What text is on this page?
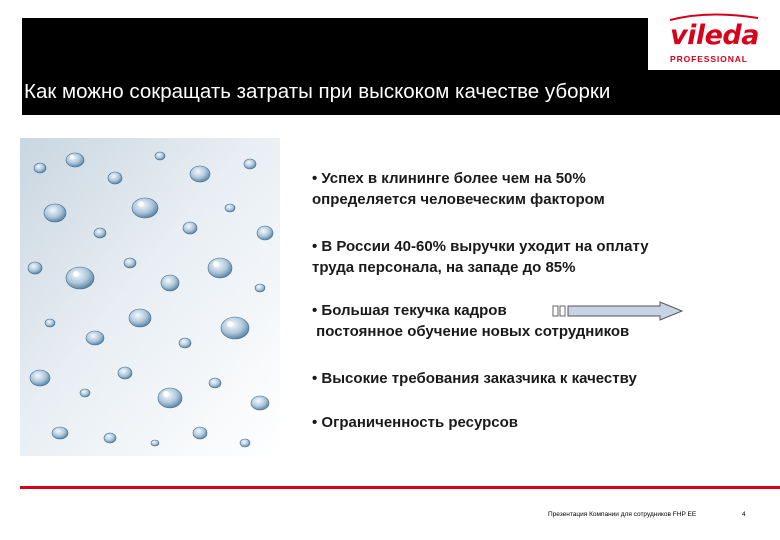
Как можно сокращать затраты при выскоком качестве уборки
vileda
PROFESSIONAL
• Успех в клининге более чем на 50%
определяется человеческим фактором
• В России 40-60% выручки уходит на оплату
труда персонала, на западе до 85%
• Большая текучка кадров
постоянное обучение новых сотрудников
• Высокие требования заказчика к качеству
• Ограниченность ресурсов
Презентация Компании для сотрудников FHP EE	4
